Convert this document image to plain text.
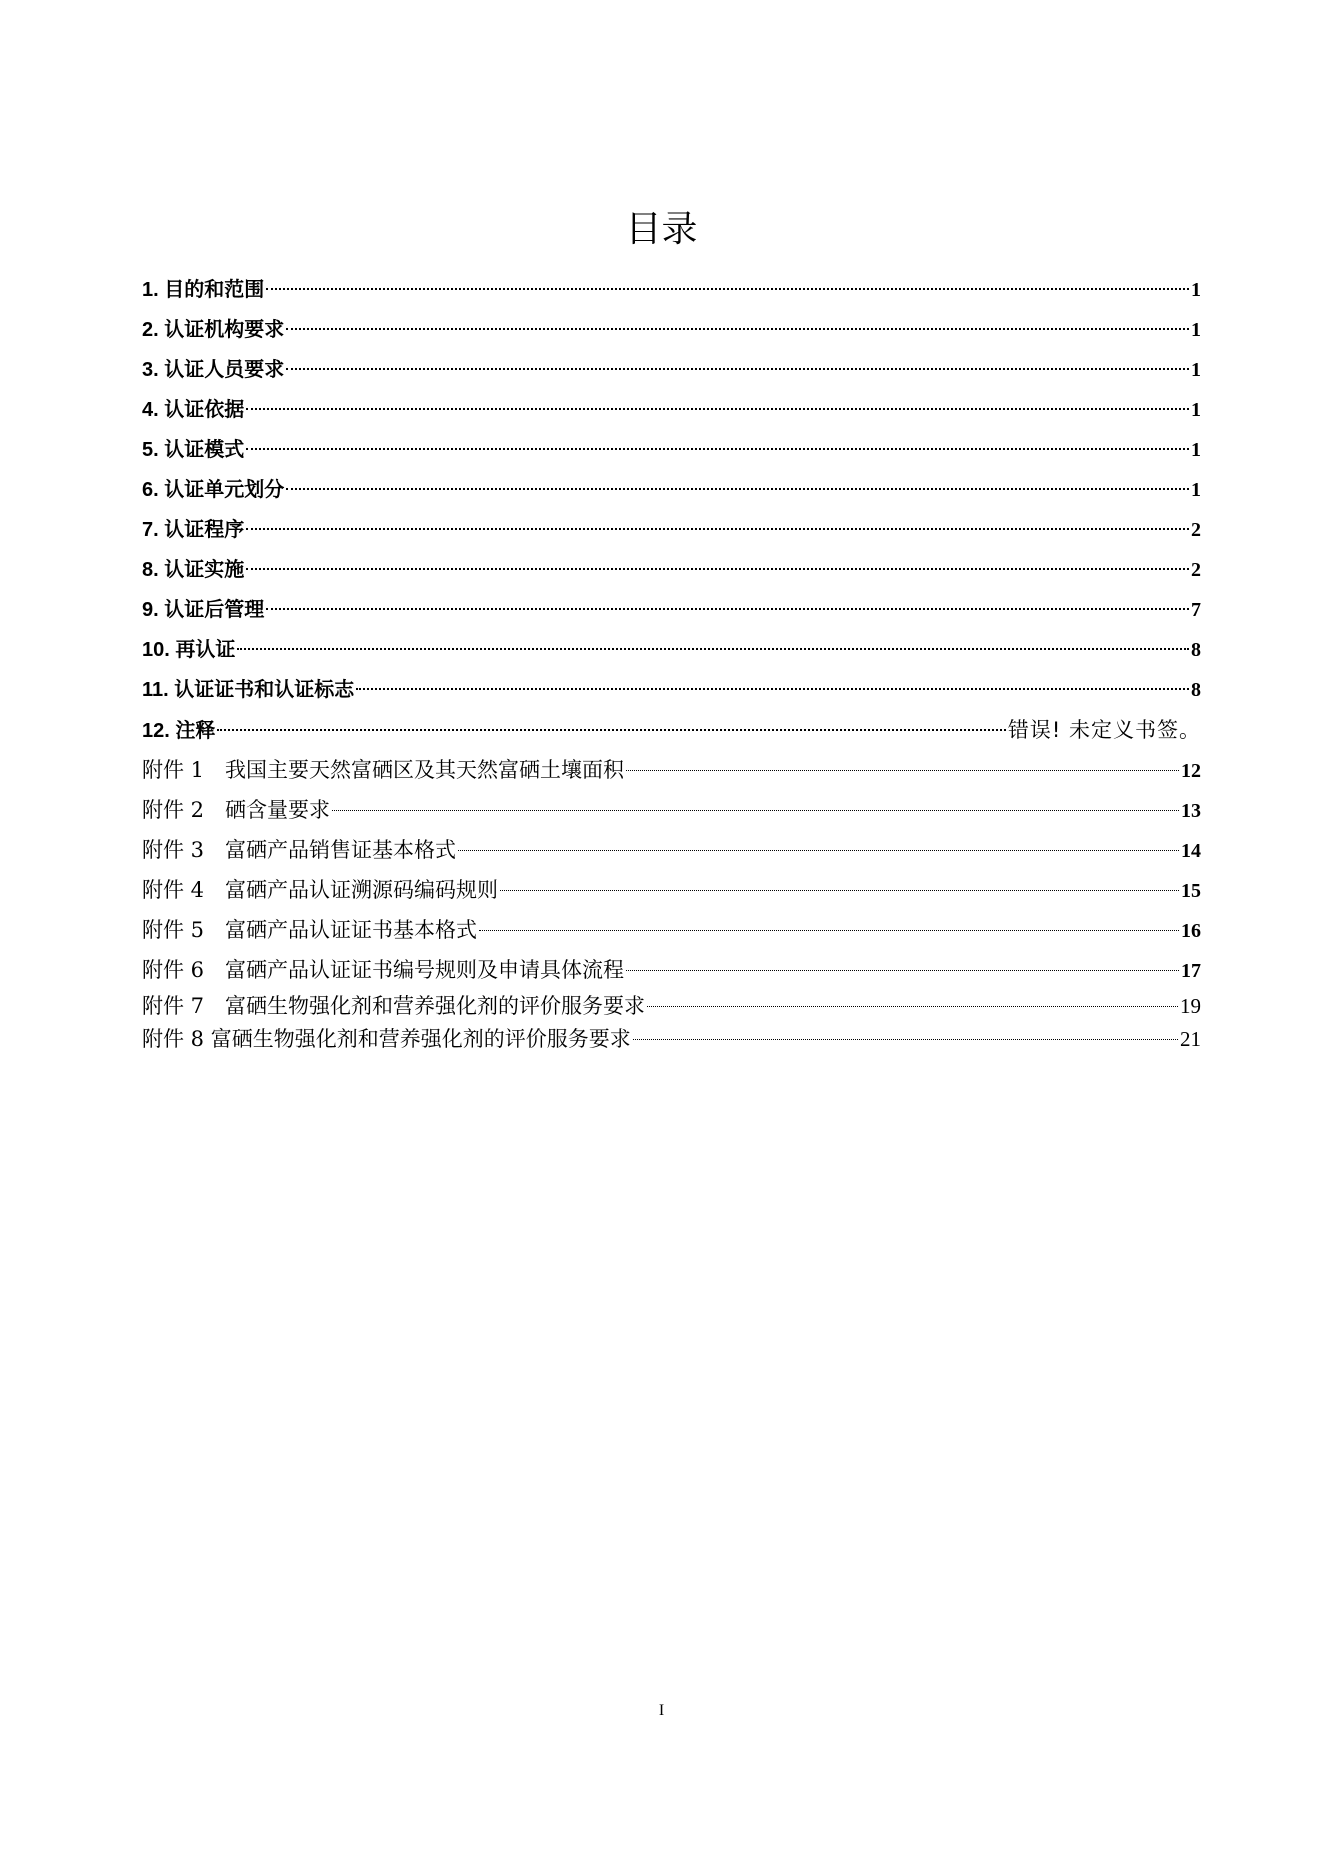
目录
1. 目的和范围	1
2. 认证机构要求	1
3. 认证人员要求	1
4. 认证依据	1
5. 认证模式	1
6. 认证单元划分	1
7. 认证程序	2
8. 认证实施	2
9. 认证后管理	7
10. 再认证	8
11. 认证证书和认证标志	8
12. 注释	错误! 未定义书签。
附件 1　我国主要天然富硒区及其天然富硒土壤面积	12
附件 2　硒含量要求	13
附件 3　富硒产品销售证基本格式	14
附件 4　富硒产品认证溯源码编码规则	15
附件 5　富硒产品认证证书基本格式	16
附件 6　富硒产品认证证书编号规则及申请具体流程	17
附件 7　富硒生物强化剂和营养强化剂的评价服务要求	19
附件 8 富硒生物强化剂和营养强化剂的评价服务要求	21
I
